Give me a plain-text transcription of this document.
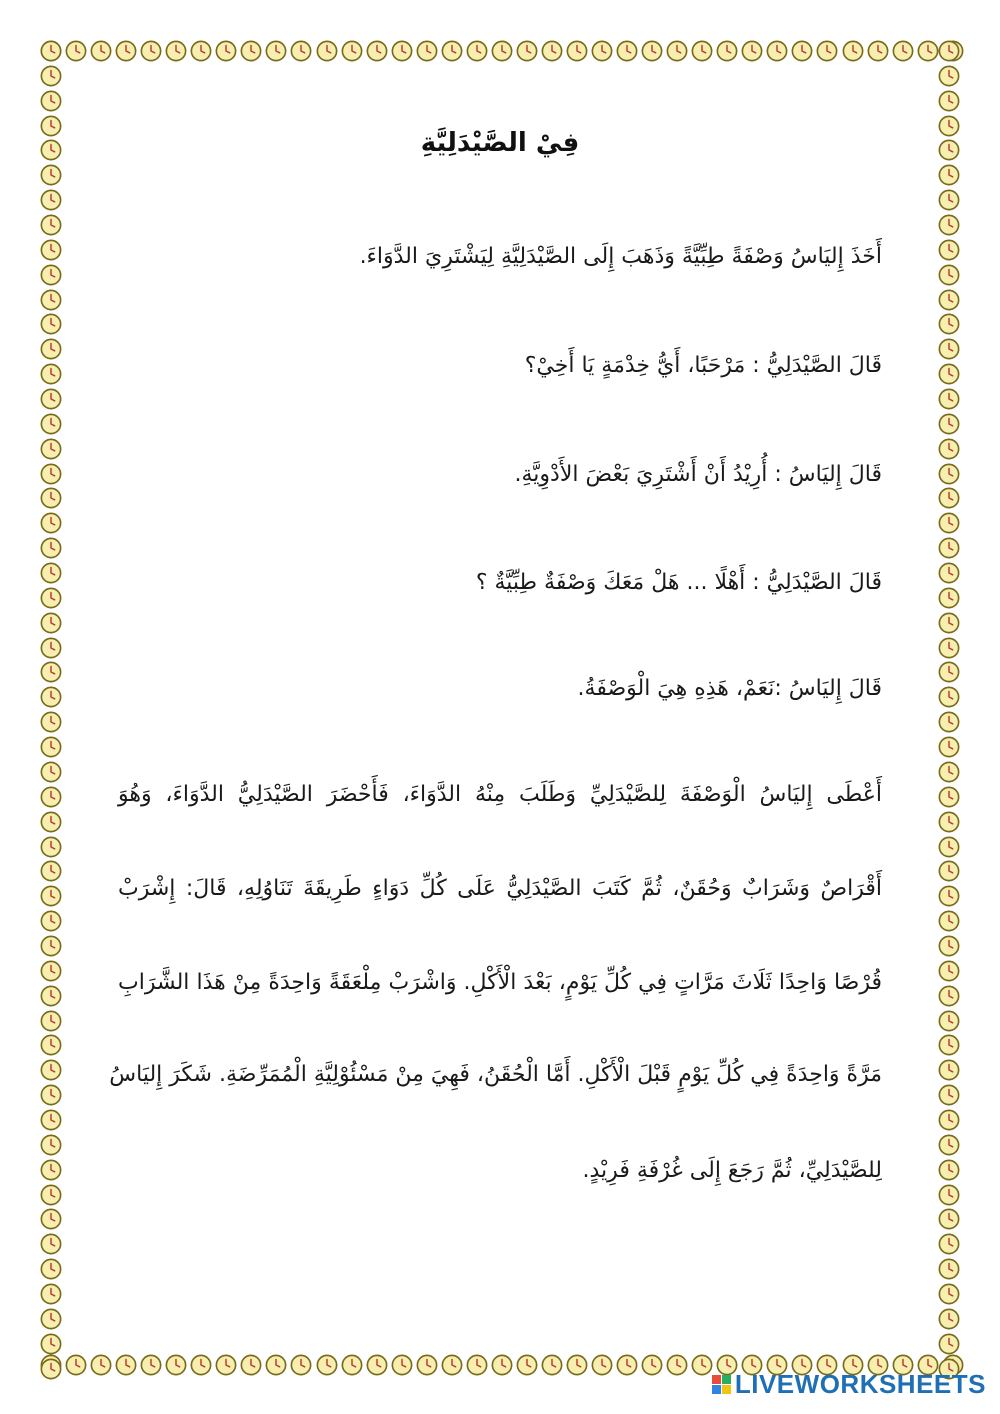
فِيْ الصَّيْدَلِيَّةِ

أَخَذَ إِليَاسُ وَصْفَةً طِبِّيَّةً وَذَهَبَ إِلَى الصَّيْدَلِيَّةِ لِيَشْتَرِيَ الدَّوَاءَ.

قَالَ الصَّيْدَلِيُّ : مَرْحَبًا، أَيُّ خِدْمَةٍ يَا أَخِيْ؟

قَالَ إِليَاسُ : أُرِيْدُ أَنْ أَشْتَرِيَ بَعْضَ الأَدْوِيَّةِ.

قَالَ الصَّيْدَلِيُّ : أَهْلًا ... هَلْ مَعَكَ وَصْفَةٌ طِبِّيَّةٌ ؟

قَالَ إِليَاسُ :نَعَمْ، هَذِهِ هِيَ الْوَصْفَةُ.

أَعْطَى إِليَاسُ الْوَصْفَةَ لِلصَّيْدَلِيِّ وَطَلَبَ مِنْهُ الدَّوَاءَ، فَأَحْضَرَ الصَّيْدَلِيُّ الدَّوَاءَ، وَهُوَ

أَقْرَاصٌ وَشَرَابٌ وَحُقَنٌ، ثُمَّ كَتَبَ الصَّيْدَلِيُّ عَلَى كُلِّ دَوَاءٍ طَرِيقَةَ تَنَاوُلِهِ، قَالَ: إِشْرَبْ

قُرْصًا وَاحِدًا ثَلَاثَ مَرَّاتٍ فِي كُلِّ يَوْمٍ، بَعْدَ الْأَكْلِ. وَاشْرَبْ مِلْعَقَةً وَاحِدَةً مِنْ هَذَا الشَّرَابِ

مَرَّةً وَاحِدَةً فِي كُلِّ يَوْمٍ قَبْلَ الْأَكْلِ. أَمَّا الْحُقَنُ، فَهِيَ مِنْ مَسْئُوْلِيَّةِ الْمُمَرِّضَةِ. شَكَرَ إِليَاسُ

لِلصَّيْدَلِيِّ، ثُمَّ رَجَعَ إِلَى غُرْفَةِ فَرِيْدٍ.

LIVEWORKSHEETS
